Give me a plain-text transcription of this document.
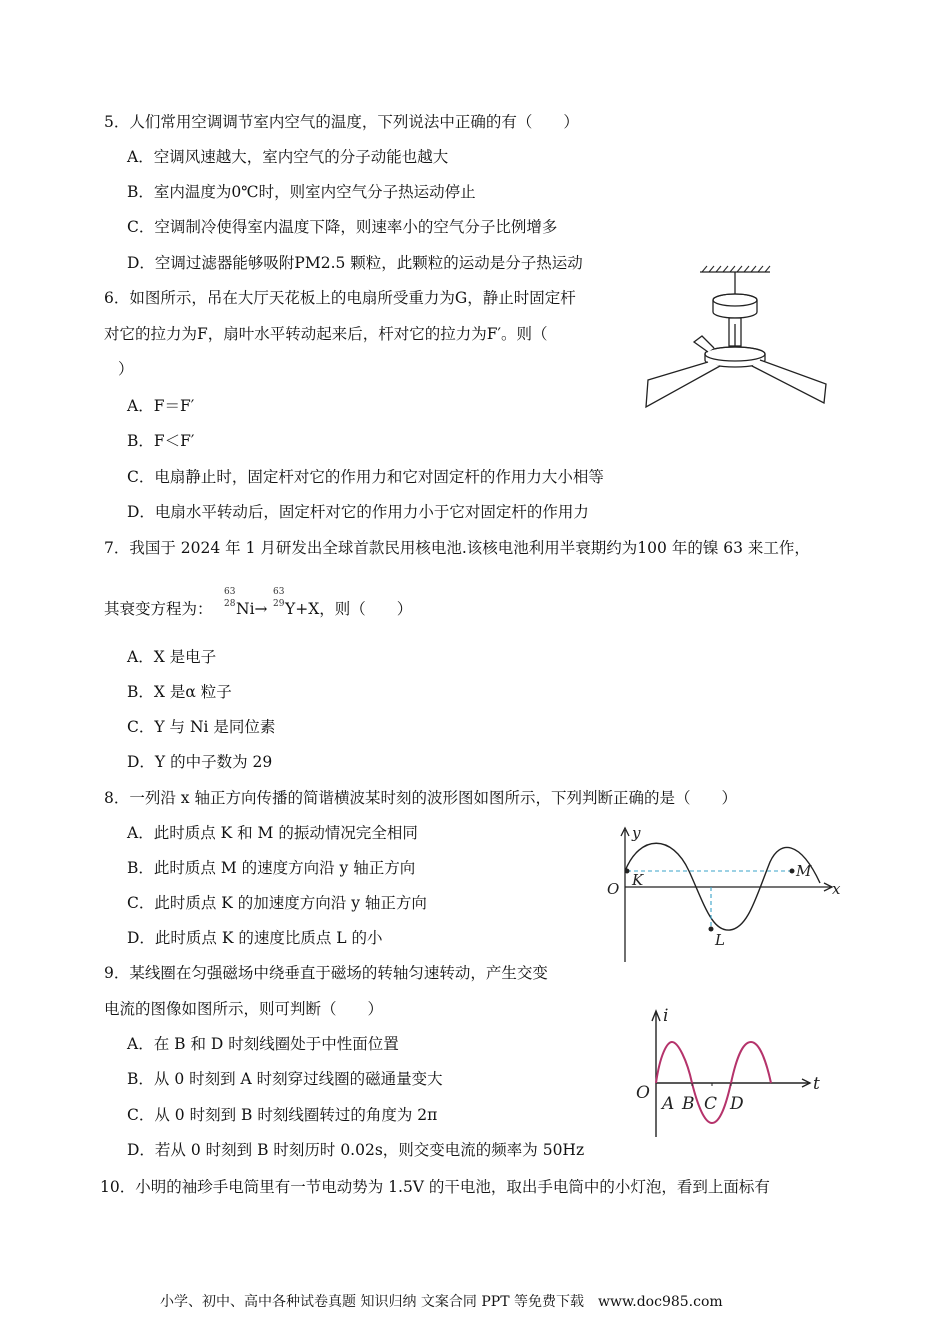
5．人们常用空调调节室内空气的温度，下列说法中正确的有（　　）
A．空调风速越大，室内空气的分子动能也越大
B．室内温度为0℃时，则室内空气分子热运动停止
C．空调制冷使得室内温度下降，则速率小的空气分子比例增多
D．空调过滤器能够吸附PM2.5 颗粒，此颗粒的运动是分子热运动
6．如图所示，吊在大厅天花板上的电扇所受重力为G，静止时固定杆
对它的拉力为F，扇叶水平转动起来后，杆对它的拉力为F′。则（
）
A．F＝F′
B．F＜F′
C．电扇静止时，固定杆对它的作用力和它对固定杆的作用力大小相等
D．电扇水平转动后，固定杆对它的作用力小于它对固定杆的作用力
7．我国于 2024 年 1 月研发出全球首款民用核电池.该核电池利用半衰期约为100 年的镍 63 来工作，
其衰变方程为：
63
28 Ni→
63
29 Y+X，则（　　）
A．X 是电子
B．X 是α 粒子
C．Y 与 Ni 是同位素
D．Y 的中子数为 29
8．一列沿 x 轴正方向传播的简谐横波某时刻的波形图如图所示，下列判断正确的是（　　）
A．此时质点 K 和 M 的振动情况完全相同
B．此时质点 M 的速度方向沿 y 轴正方向
C．此时质点 K 的加速度方向沿 y 轴正方向
D．此时质点 K 的速度比质点 L 的小
y
x
O K	M
L
9．某线圈在匀强磁场中绕垂直于磁场的转轴匀速转动，产生交变
电流的图像如图所示，则可判断（　　）
A．在 B 和 D 时刻线圈处于中性面位置
B．从 0 时刻到 A 时刻穿过线圈的磁通量变大
C．从 0 时刻到 B 时刻线圈转过的角度为 2π
D．若从 0 时刻到 B 时刻历时 0.02s，则交变电流的频率为 50Hz
i
t
O
A B C D
10．小明的袖珍手电筒里有一节电动势为 1.5V 的干电池，取出手电筒中的小灯泡，看到上面标有
小学、初中、高中各种试卷真题 知识归纳 文案合同 PPT 等免费下载　www.doc985.com
